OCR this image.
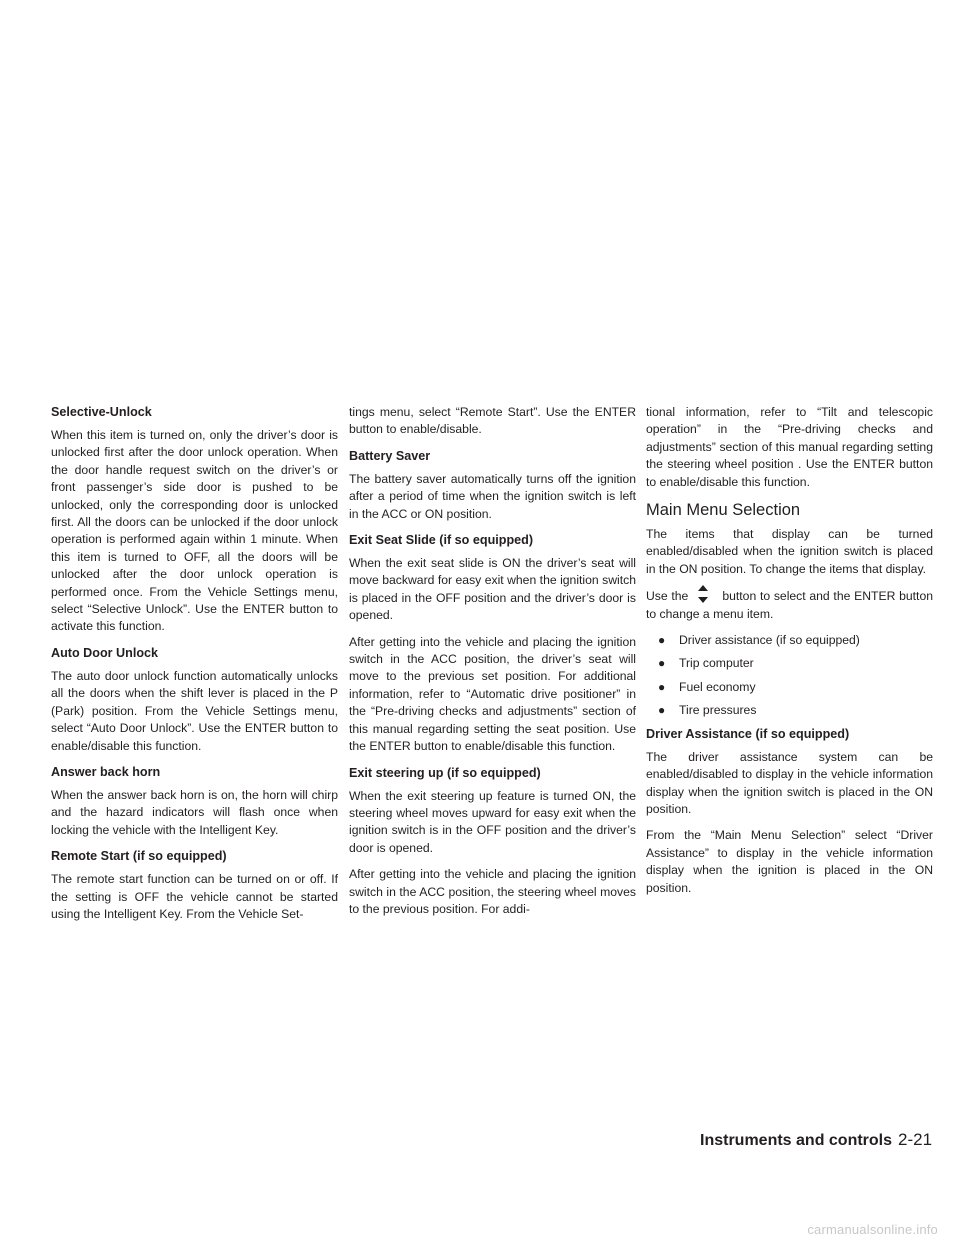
Selective-Unlock

When this item is turned on, only the driver’s door is unlocked first after the door unlock operation. When the door handle request switch on the driver’s or front passenger’s side door is pushed to be unlocked, only the corresponding door is unlocked first. All the doors can be unlocked if the door unlock operation is performed again within 1 minute. When this item is turned to OFF, all the doors will be unlocked after the door unlock operation is performed once. From the Vehicle Settings menu, select “Selective Unlock”. Use the ENTER button to activate this function.

Auto Door Unlock

The auto door unlock function automatically unlocks all the doors when the shift lever is placed in the P (Park) position. From the Vehicle Settings menu, select “Auto Door Unlock”. Use the ENTER button to enable/disable this function.

Answer back horn

When the answer back horn is on, the horn will chirp and the hazard indicators will flash once when locking the vehicle with the Intelligent Key.

Remote Start (if so equipped)

The remote start function can be turned on or off. If the setting is OFF the vehicle cannot be started using the Intelligent Key. From the Vehicle Set-

tings menu, select “Remote Start”. Use the ENTER button to enable/disable.

Battery Saver

The battery saver automatically turns off the ignition after a period of time when the ignition switch is left in the ACC or ON position.

Exit Seat Slide (if so equipped)

When the exit seat slide is ON the driver’s seat will move backward for easy exit when the ignition switch is placed in the OFF position and the driver’s door is opened.

After getting into the vehicle and placing the ignition switch in the ACC position, the driver’s seat will move to the previous set position. For additional information, refer to “Automatic drive positioner” in the “Pre-driving checks and adjustments” section of this manual regarding setting the seat position. Use the ENTER button to enable/disable this function.

Exit steering up (if so equipped)

When the exit steering up feature is turned ON, the steering wheel moves upward for easy exit when the ignition switch is in the OFF position and the driver’s door is opened.

After getting into the vehicle and placing the ignition switch in the ACC position, the steering wheel moves to the previous position. For addi-

tional information, refer to “Tilt and telescopic operation” in the “Pre-driving checks and adjustments” section of this manual regarding setting the steering wheel position . Use the ENTER button to enable/disable this function.

Main Menu Selection

The items that display can be turned enabled/disabled when the ignition switch is placed in the ON position. To change the items that display.

Use the	button to select and the ENTER button to change a menu item.

● Driver assistance (if so equipped)
● Trip computer
● Fuel economy
● Tire pressures
Driver Assistance (if so equipped)

The driver assistance system can be enabled/disabled to display in the vehicle information display when the ignition switch is placed in the ON position.

From the “Main Menu Selection” select “Driver Assistance” to display in the vehicle information display when the ignition is placed in the ON position.

Instruments and controls 2-21
carmanualsonline.info
